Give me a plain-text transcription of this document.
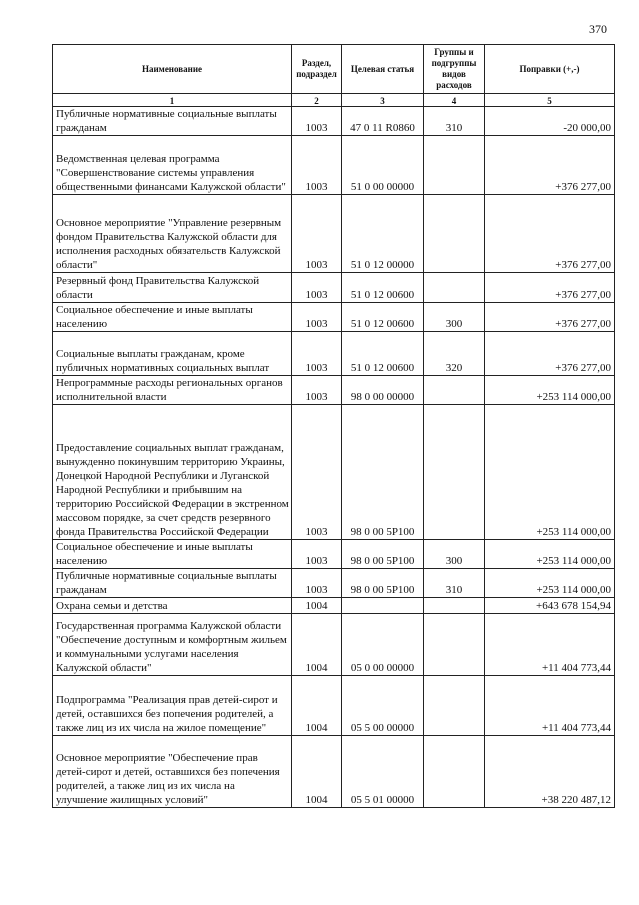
370
Наименование	Раздел, подраздел	Целевая статья	Группы и подгруппы видов расходов	Поправки (+,-)
1	2	3	4	5
Публичные нормативные социальные выплаты гражданам	1003	47 0 11 R0860	310	-20 000,00
Ведомственная целевая программа "Совершенствование системы управления общественными финансами Калужской области"	1003	51 0 00 00000		+376 277,00
Основное мероприятие "Управление резервным фондом Правительства Калужской области для исполнения расходных обязательств Калужской области"	1003	51 0 12 00000		+376 277,00
Резервный фонд Правительства Калужской области	1003	51 0 12 00600		+376 277,00
Социальное обеспечение и иные выплаты населению	1003	51 0 12 00600	300	+376 277,00
Социальные выплаты гражданам, кроме публичных нормативных социальных выплат	1003	51 0 12 00600	320	+376 277,00
Непрограммные расходы региональных органов исполнительной власти	1003	98 0 00 00000		+253 114 000,00
Предоставление социальных выплат гражданам, вынужденно покинувшим территорию Украины, Донецкой Народной Республики и Луганской Народной Республики и прибывшим на территорию Российской Федерации в экстренном массовом порядке, за счет средств резервного фонда Правительства Российской Федерации	1003	98 0 00 5P100		+253 114 000,00
Социальное обеспечение и иные выплаты населению	1003	98 0 00 5P100	300	+253 114 000,00
Публичные нормативные социальные выплаты гражданам	1003	98 0 00 5P100	310	+253 114 000,00
Охрана семьи и детства	1004			+643 678 154,94
Государственная программа Калужской области "Обеспечение доступным и комфортным жильем и коммунальными услугами населения Калужской области"	1004	05 0 00 00000		+11 404 773,44
Подпрограмма "Реализация прав детей-сирот и детей, оставшихся без попечения родителей, а также лиц из их числа на жилое помещение"	1004	05 5 00 00000		+11 404 773,44
Основное мероприятие "Обеспечение прав детей-сирот и детей, оставшихся без попечения родителей, а также лиц из их числа на улучшение жилищных условий"	1004	05 5 01 00000		+38 220 487,12
